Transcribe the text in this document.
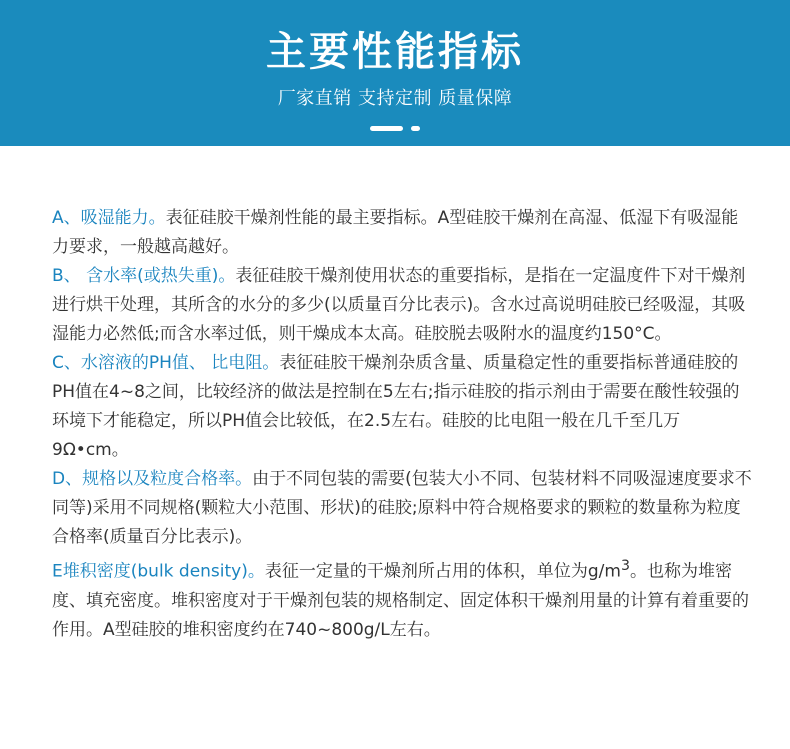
主要性能指标
厂家直销 支持定制 质量保障

A、吸湿能力。表征硅胶干燥剂性能的最主要指标。A型硅胶干燥剂在高湿、低湿下有吸湿能力要求，一般越高越好。

B、 含水率(或热失重)。表征硅胶干燥剂使用状态的重要指标，是指在一定温度件下对干燥剂进行烘干处理，其所含的水分的多少(以质量百分比表示)。含水过高说明硅胶已经吸湿，其吸湿能力必然低;而含水率过低，则干燥成本太高。硅胶脱去吸附水的温度约150°C。

C、水溶液的PH值、 比电阻。表征硅胶干燥剂杂质含量、质量稳定性的重要指标普通硅胶的PH值在4~8之间，比较经济的做法是控制在5左右;指示硅胶的指示剂由于需要在酸性较强的环境下才能稳定，所以PH值会比较低，在2.5左右。硅胶的比电阻一般在几千至几万9Ω•cm。

D、规格以及粒度合格率。由于不同包装的需要(包装大小不同、包装材料不同吸湿速度要求不同等)采用不同规格(颗粒大小范围、形状)的硅胶;原料中符合规格要求的颗粒的数量称为粒度合格率(质量百分比表示)。

E堆积密度(bulk density)。表征一定量的干燥剂所占用的体积，单位为$g/m^3$。也称为堆密度、填充密度。堆积密度对于干燥剂包装的规格制定、固定体积干燥剂用量的计算有着重要的作用。A型硅胶的堆积密度约在740~800g/L左右。
